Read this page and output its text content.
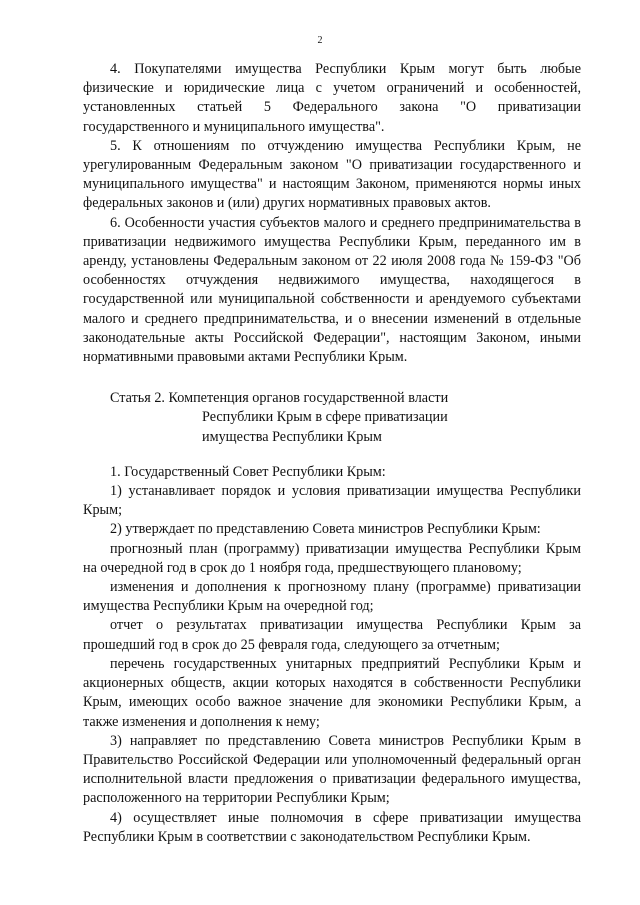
2

4. Покупателями имущества Республики Крым могут быть любые физические и юридические лица с учетом ограничений и особенностей, установленных статьей 5 Федерального закона "О приватизации государственного и муниципального имущества".

5. К отношениям по отчуждению имущества Республики Крым, не урегулированным Федеральным законом "О приватизации государственного и муниципального имущества" и настоящим Законом, применяются нормы иных федеральных законов и (или) других нормативных правовых актов.

6. Особенности участия субъектов малого и среднего предпринимательства в приватизации недвижимого имущества Республики Крым, переданного им в аренду, установлены Федеральным законом от 22 июля 2008 года № 159-ФЗ "Об особенностях отчуждения недвижимого имущества, находящегося в государственной или муниципальной собственности и арендуемого субъектами малого и среднего предпринимательства, и о внесении изменений в отдельные законодательные акты Российской Федерации", настоящим Законом, иными нормативными правовыми актами Республики Крым.

Статья 2. Компетенция органов государственной власти
Республики Крым в сфере приватизации
имущества Республики Крым

1. Государственный Совет Республики Крым:

1) устанавливает порядок и условия приватизации имущества Республики Крым;

2) утверждает по представлению Совета министров Республики Крым:

прогнозный план (программу) приватизации имущества Республики Крым на очередной год в срок до 1 ноября года, предшествующего плановому;

изменения и дополнения к прогнозному плану (программе) приватизации имущества Республики Крым на очередной год;

отчет о результатах приватизации имущества Республики Крым за прошедший год в срок до 25 февраля года, следующего за отчетным;

перечень государственных унитарных предприятий Республики Крым и акционерных обществ, акции которых находятся в собственности Республики Крым, имеющих особо важное значение для экономики Республики Крым, а также изменения и дополнения к нему;

3) направляет по представлению Совета министров Республики Крым в Правительство Российской Федерации или уполномоченный федеральный орган исполнительной власти предложения о приватизации федерального имущества, расположенного на территории Республики Крым;

4) осуществляет иные полномочия в сфере приватизации имущества Республики Крым в соответствии с законодательством Республики Крым.
